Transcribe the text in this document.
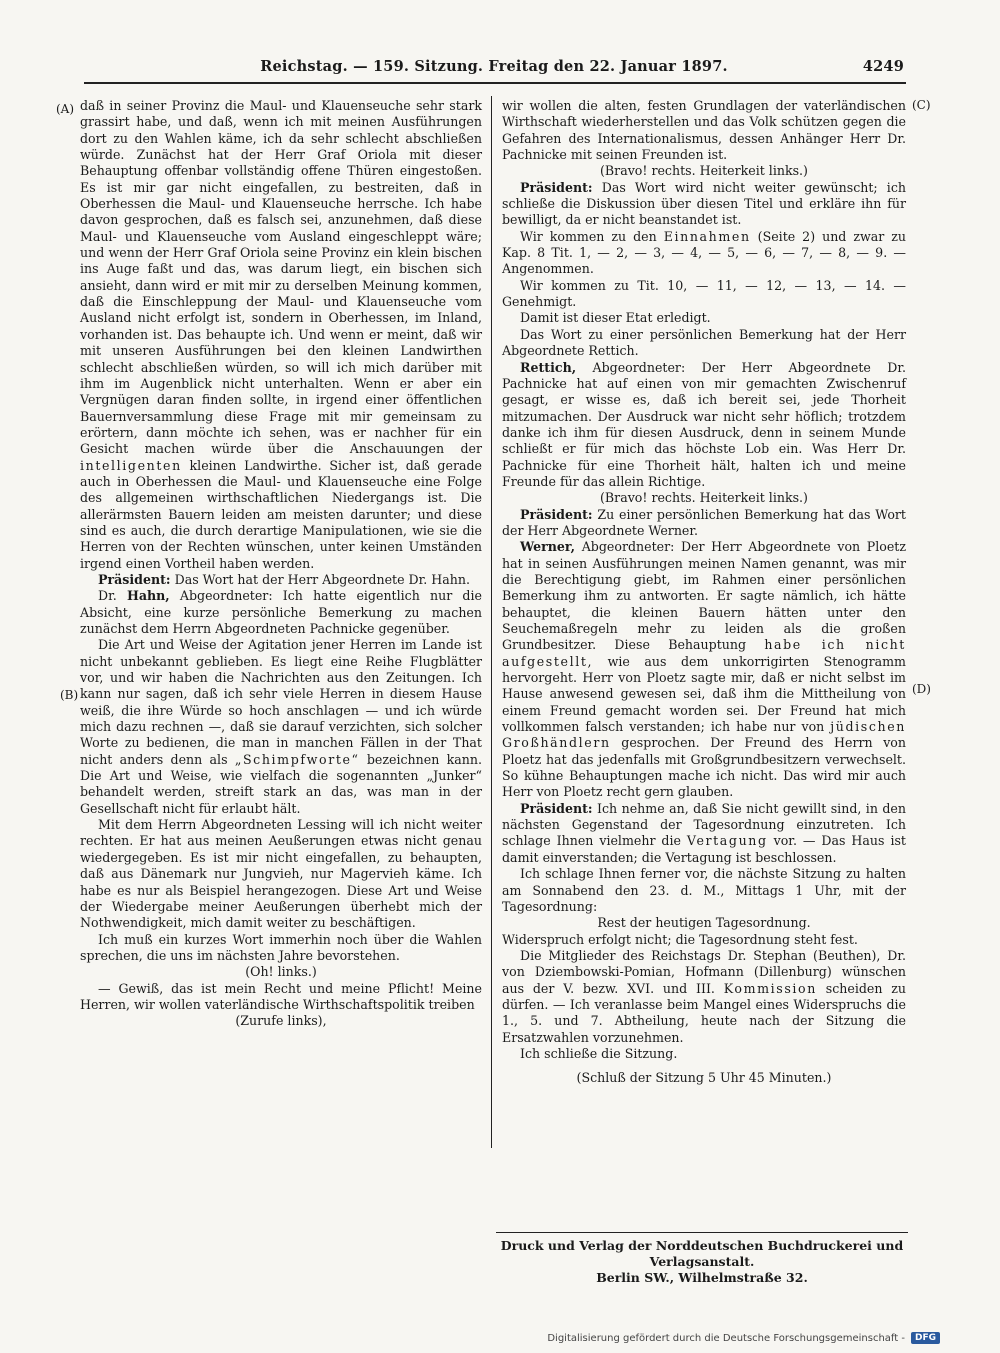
Reichstag. — 159. Sitzung. Freitag den 22. Januar 1897.	4249
(A)
(B)
(C)
(D)

daß in seiner Provinz die Maul- und Klauenseuche sehr stark grassirt habe, und daß, wenn ich mit meinen Ausführungen dort zu den Wahlen käme, ich da sehr schlecht abschließen würde. Zunächst hat der Herr Graf Oriola mit dieser Behauptung offenbar vollständig offene Thüren eingestoßen. Es ist mir gar nicht eingefallen, zu bestreiten, daß in Oberhessen die Maul- und Klauenseuche herrsche. Ich habe davon gesprochen, daß es falsch sei, anzunehmen, daß diese Maul- und Klauenseuche vom Ausland eingeschleppt wäre; und wenn der Herr Graf Oriola seine Provinz ein klein bischen ins Auge faßt und das, was darum liegt, ein bischen sich ansieht, dann wird er mit mir zu derselben Meinung kommen, daß die Einschleppung der Maul- und Klauenseuche vom Ausland nicht erfolgt ist, sondern in Oberhessen, im Inland, vorhanden ist. Das behaupte ich. Und wenn er meint, daß wir mit unseren Ausführungen bei den kleinen Landwirthen schlecht abschließen würden, so will ich mich darüber mit ihm im Augenblick nicht unterhalten. Wenn er aber ein Vergnügen daran finden sollte, in irgend einer öffentlichen Bauernversammlung diese Frage mit mir gemeinsam zu erörtern, dann möchte ich sehen, was er nachher für ein Gesicht machen würde über die Anschauungen der intelligenten kleinen Landwirthe. Sicher ist, daß gerade auch in Oberhessen die Maul- und Klauenseuche eine Folge des allgemeinen wirthschaftlichen Niedergangs ist. Die allerärmsten Bauern leiden am meisten darunter; und diese sind es auch, die durch derartige Manipulationen, wie sie die Herren von der Rechten wünschen, unter keinen Umständen irgend einen Vortheil haben werden.

Präsident: Das Wort hat der Herr Abgeordnete Dr. Hahn.

Dr. Hahn, Abgeordneter: Ich hatte eigentlich nur die Absicht, eine kurze persönliche Bemerkung zu machen zunächst dem Herrn Abgeordneten Pachnicke gegenüber.

Die Art und Weise der Agitation jener Herren im Lande ist nicht unbekannt geblieben. Es liegt eine Reihe Flugblätter vor, und wir haben die Nachrichten aus den Zeitungen. Ich kann nur sagen, daß ich sehr viele Herren in diesem Hause weiß, die ihre Würde so hoch anschlagen — und ich würde mich dazu rechnen —, daß sie darauf verzichten, sich solcher Worte zu bedienen, die man in manchen Fällen in der That nicht anders denn als „Schimpfworte“ bezeichnen kann. Die Art und Weise, wie vielfach die sogenannten „Junker“ behandelt werden, streift stark an das, was man in der Gesellschaft nicht für erlaubt hält.

Mit dem Herrn Abgeordneten Lessing will ich nicht weiter rechten. Er hat aus meinen Aeußerungen etwas nicht genau wiedergegeben. Es ist mir nicht eingefallen, zu behaupten, daß aus Dänemark nur Jungvieh, nur Magervieh käme. Ich habe es nur als Beispiel herangezogen. Diese Art und Weise der Wiedergabe meiner Aeußerungen überhebt mich der Nothwendigkeit, mich damit weiter zu beschäftigen.

Ich muß ein kurzes Wort immerhin noch über die Wahlen sprechen, die uns im nächsten Jahre bevorstehen.

(Oh! links.)

— Gewiß, das ist mein Recht und meine Pflicht! Meine Herren, wir wollen vaterländische Wirthschaftspolitik treiben

(Zurufe links),

wir wollen die alten, festen Grundlagen der vaterländischen Wirthschaft wiederherstellen und das Volk schützen gegen die Gefahren des Internationalismus, dessen Anhänger Herr Dr. Pachnicke mit seinen Freunden ist.

(Bravo! rechts. Heiterkeit links.)

Präsident: Das Wort wird nicht weiter gewünscht; ich schließe die Diskussion über diesen Titel und erkläre ihn für bewilligt, da er nicht beanstandet ist.

Wir kommen zu den Einnahmen (Seite 2) und zwar zu Kap. 8 Tit. 1, — 2, — 3, — 4, — 5, — 6, — 7, — 8, — 9. — Angenommen.

Wir kommen zu Tit. 10, — 11, — 12, — 13, — 14. — Genehmigt.

Damit ist dieser Etat erledigt.

Das Wort zu einer persönlichen Bemerkung hat der Herr Abgeordnete Rettich.

Rettich, Abgeordneter: Der Herr Abgeordnete Dr. Pachnicke hat auf einen von mir gemachten Zwischenruf gesagt, er wisse es, daß ich bereit sei, jede Thorheit mitzumachen. Der Ausdruck war nicht sehr höflich; trotzdem danke ich ihm für diesen Ausdruck, denn in seinem Munde schließt er für mich das höchste Lob ein. Was Herr Dr. Pachnicke für eine Thorheit hält, halten ich und meine Freunde für das allein Richtige.

(Bravo! rechts. Heiterkeit links.)

Präsident: Zu einer persönlichen Bemerkung hat das Wort der Herr Abgeordnete Werner.

Werner, Abgeordneter: Der Herr Abgeordnete von Ploetz hat in seinen Ausführungen meinen Namen genannt, was mir die Berechtigung giebt, im Rahmen einer persönlichen Bemerkung ihm zu antworten. Er sagte nämlich, ich hätte behauptet, die kleinen Bauern hätten unter den Seuchemaßregeln mehr zu leiden als die großen Grundbesitzer. Diese Behauptung habe ich nicht aufgestellt, wie aus dem unkorrigirten Stenogramm hervorgeht. Herr von Ploetz sagte mir, daß er nicht selbst im Hause anwesend gewesen sei, daß ihm die Mittheilung von einem Freund gemacht worden sei. Der Freund hat mich vollkommen falsch verstanden; ich habe nur von jüdischen Großhändlern gesprochen. Der Freund des Herrn von Ploetz hat das jedenfalls mit Großgrundbesitzern verwechselt. So kühne Behauptungen mache ich nicht. Das wird mir auch Herr von Ploetz recht gern glauben.

Präsident: Ich nehme an, daß Sie nicht gewillt sind, in den nächsten Gegenstand der Tagesordnung einzutreten. Ich schlage Ihnen vielmehr die Vertagung vor. — Das Haus ist damit einverstanden; die Vertagung ist beschlossen.

Ich schlage Ihnen ferner vor, die nächste Sitzung zu halten am Sonnabend den 23. d. M., Mittags 1 Uhr, mit der Tagesordnung:

Rest der heutigen Tagesordnung.

Widerspruch erfolgt nicht; die Tagesordnung steht fest.

Die Mitglieder des Reichstags Dr. Stephan (Beuthen), Dr. von Dziembowski-Pomian, Hofmann (Dillenburg) wünschen aus der V. bezw. XVI. und III. Kommission scheiden zu dürfen. — Ich veranlasse beim Mangel eines Widerspruchs die 1., 5. und 7. Abtheilung, heute nach der Sitzung die Ersatzwahlen vorzunehmen.

Ich schließe die Sitzung.

(Schluß der Sitzung 5 Uhr 45 Minuten.)

Druck und Verlag der Norddeutschen Buchdruckerei und Verlagsanstalt.
Berlin SW., Wilhelmstraße 32.
Digitalisierung gefördert durch die Deutsche Forschungsgemeinschaft -	DFG
